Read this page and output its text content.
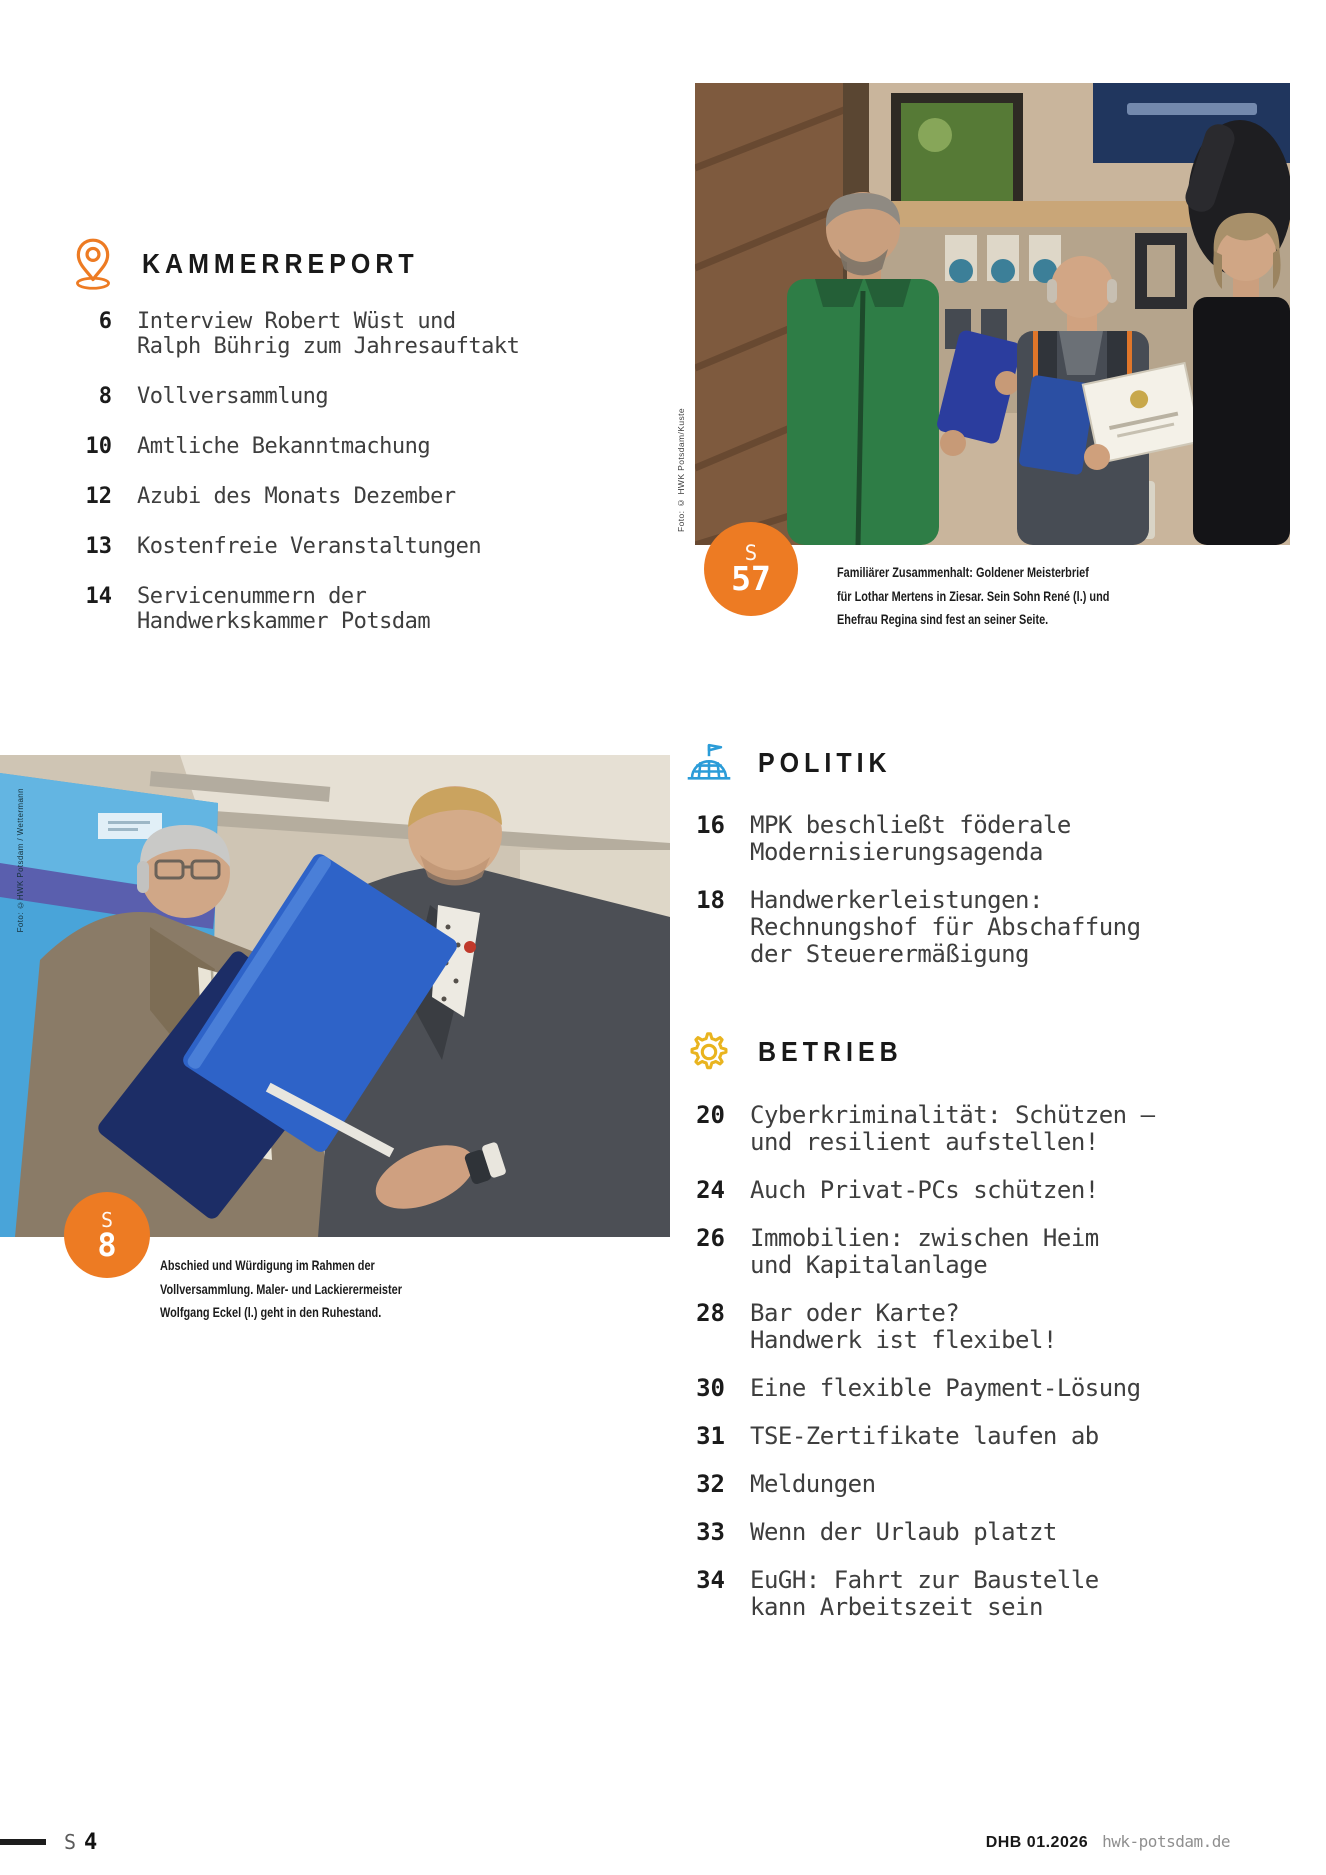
KAMMERREPORT
6 Interview Robert Wüst und
Ralph Bührig zum Jahresauftakt
8 Vollversammlung
10 Amtliche Bekanntmachung
12 Azubi des Monats Dezember
13 Kostenfreie Veranstaltungen
14 Servicenummern der
Handwerkskammer Potsdam
Foto: © HWK Potsdam/Kuste
S
57	Familiärer Zusammenhalt: Goldener Meisterbrief
für Lothar Mertens in Ziesar. Sein Sohn René (l.) und
Ehefrau Regina sind fest an seiner Seite.
Foto: ©HWK Potsdam / Wettermann
S
8
Abschied und Würdigung im Rahmen der
Vollversammlung. Maler- und Lackierermeister
Wolfgang Eckel (l.) geht in den Ruhestand.
POLITIK
16 MPK beschließt föderale
Modernisierungsagenda
18 Handwerkerleistungen:
Rechnungshof für Abschaffung
der Steuerermäßigung
BETRIEB
20 Cyberkriminalität: Schützen –
und resilient aufstellen!
24 Auch Privat-PCs schützen!
26 Immobilien: zwischen Heim
und Kapitalanlage
28 Bar oder Karte?
Handwerk ist flexibel!
30 Eine flexible Payment-Lösung
31 TSE-Zertifikate laufen ab
32 Meldungen
33 Wenn der Urlaub platzt
34 EuGH: Fahrt zur Baustelle
kann Arbeitszeit sein
S 4	DHB 01.2026 hwk-potsdam.de
